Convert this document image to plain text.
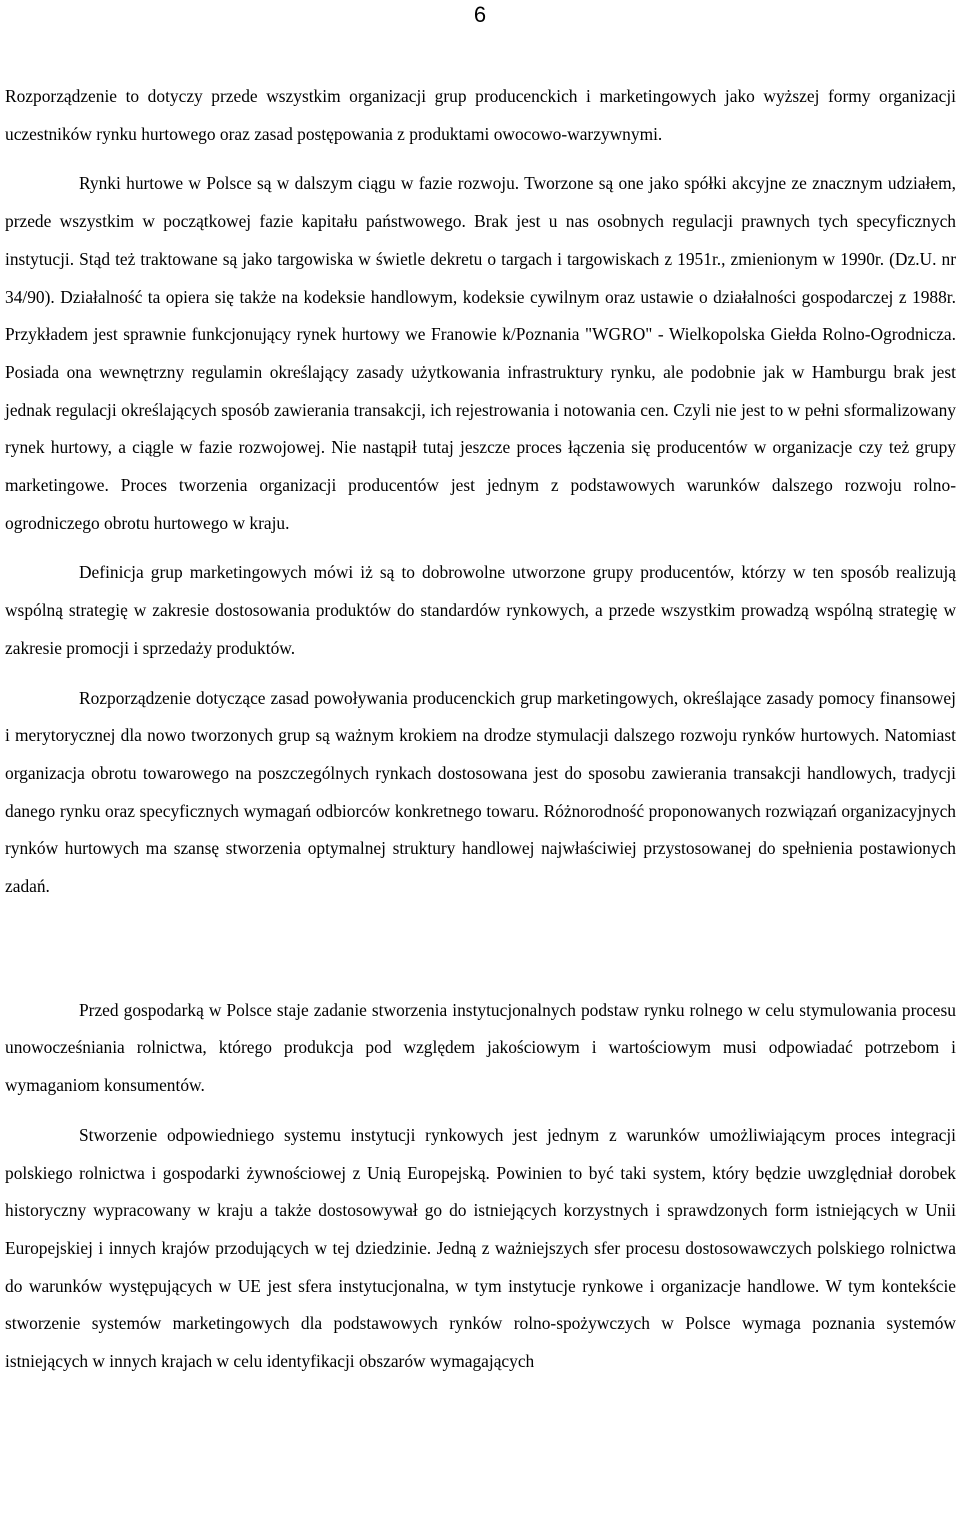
6

Rozporządzenie to dotyczy przede wszystkim organizacji grup producenckich i marketingowych jako wyższej formy organizacji uczestników rynku hurtowego oraz zasad postępowania z produktami owocowo-warzywnymi.

Rynki hurtowe w Polsce są w dalszym ciągu w fazie rozwoju. Tworzone są one jako spółki akcyjne ze znacznym udziałem, przede wszystkim w początkowej fazie kapitału państwowego. Brak jest u nas osobnych regulacji prawnych tych specyficznych instytucji. Stąd też traktowane są jako targowiska w świetle dekretu o targach i targowiskach z 1951r., zmienionym w 1990r. (Dz.U. nr 34/90). Działalność ta opiera się także na kodeksie handlowym, kodeksie cywilnym oraz ustawie o działalności gospodarczej z 1988r. Przykładem jest sprawnie funkcjonujący rynek hurtowy we Franowie k/Poznania "WGRO" - Wielkopolska Giełda Rolno-Ogrodnicza. Posiada ona wewnętrzny regulamin określający zasady użytkowania infrastruktury rynku, ale podobnie jak w Hamburgu brak jest jednak regulacji określających sposób zawierania transakcji, ich rejestrowania i notowania cen. Czyli nie jest to w pełni sformalizowany rynek hurtowy, a ciągle w fazie rozwojowej. Nie nastąpił tutaj jeszcze proces łączenia się producentów w organizacje czy też grupy marketingowe. Proces tworzenia organizacji producentów jest jednym z podstawowych warunków dalszego rozwoju rolno-ogrodniczego obrotu hurtowego w kraju.

Definicja grup marketingowych mówi iż są to dobrowolne utworzone grupy producentów, którzy w ten sposób realizują wspólną strategię w zakresie dostosowania produktów do standardów rynkowych, a przede wszystkim prowadzą wspólną strategię w zakresie promocji i sprzedaży produktów.

Rozporządzenie dotyczące zasad powoływania producenckich grup marketingowych, określające zasady pomocy finansowej i merytorycznej dla nowo tworzonych grup są ważnym krokiem na drodze stymulacji dalszego rozwoju rynków hurtowych. Natomiast organizacja obrotu towarowego na poszczególnych rynkach dostosowana jest do sposobu zawierania transakcji handlowych, tradycji danego rynku oraz specyficznych wymagań odbiorców konkretnego towaru. Różnorodność proponowanych rozwiązań organizacyjnych rynków hurtowych ma szansę stworzenia optymalnej struktury handlowej najwłaściwiej przystosowanej do spełnienia postawionych zadań.

Przed gospodarką w Polsce staje zadanie stworzenia instytucjonalnych podstaw rynku rolnego w celu stymulowania procesu unowocześniania rolnictwa, którego produkcja pod względem jakościowym i wartościowym musi odpowiadać potrzebom i wymaganiom konsumentów.

Stworzenie odpowiedniego systemu instytucji rynkowych jest jednym z warunków umożliwiającym proces integracji polskiego rolnictwa i gospodarki żywnościowej z Unią Europejską. Powinien to być taki system, który będzie uwzględniał dorobek historyczny wypracowany w kraju a także dostosowywał go do istniejących korzystnych i sprawdzonych form istniejących w Unii Europejskiej i innych krajów przodujących w tej dziedzinie. Jedną z ważniejszych sfer procesu dostosowawczych polskiego rolnictwa do warunków występujących w UE jest sfera instytucjonalna, w tym instytucje rynkowe i organizacje handlowe. W tym kontekście stworzenie systemów marketingowych dla podstawowych rynków rolno-spożywczych w Polsce wymaga poznania systemów istniejących w innych krajach w celu identyfikacji obszarów wymagających
